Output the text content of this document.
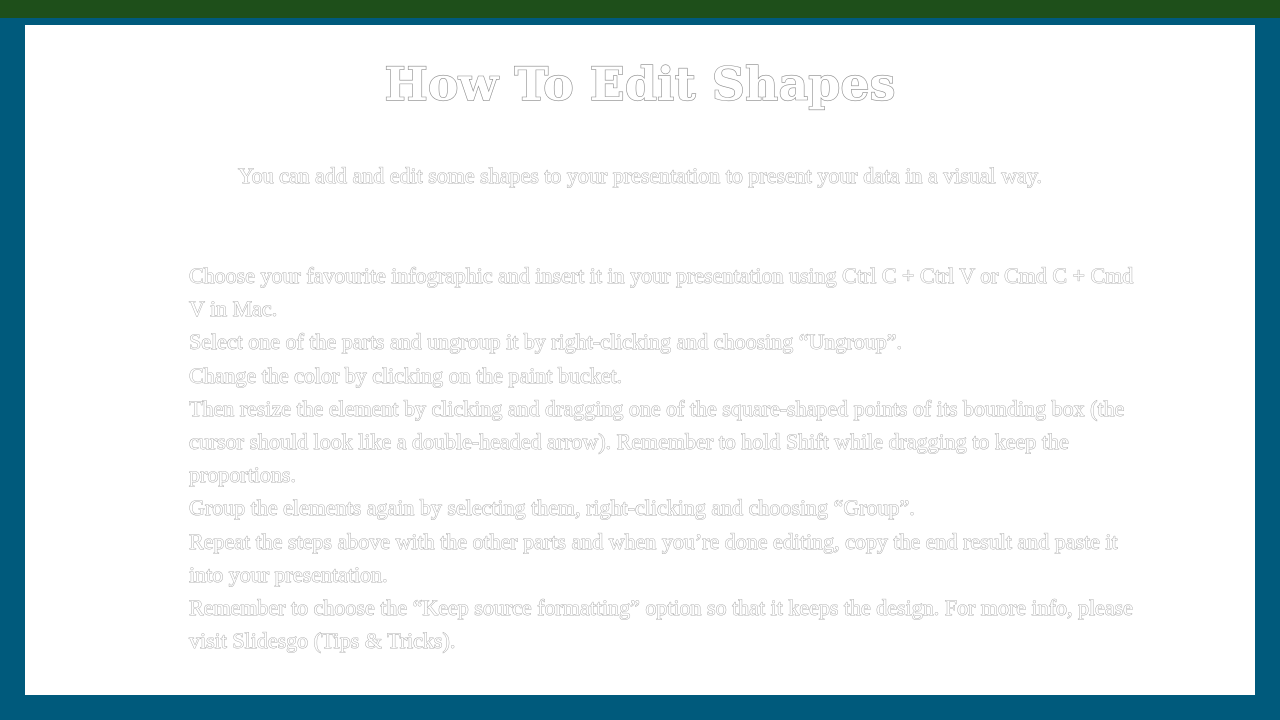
How To Edit Shapes
You can add and edit some shapes to your presentation to present your data in a visual way.
Choose your favourite infographic and insert it in your presentation using Ctrl C + Ctrl V or Cmd C + Cmd V in Mac.
Select one of the parts and ungroup it by right-clicking and choosing “Ungroup”.
Change the color by clicking on the paint bucket.
Then resize the element by clicking and dragging one of the square-shaped points of its bounding box (the cursor should look like a double-headed arrow). Remember to hold Shift while dragging to keep the proportions.
Group the elements again by selecting them, right-clicking and choosing “Group”.
Repeat the steps above with the other parts and when you’re done editing, copy the end result and paste it into your presentation.
Remember to choose the “Keep source formatting” option so that it keeps the design. For more info, please visit Slidesgo (Tips & Tricks).
